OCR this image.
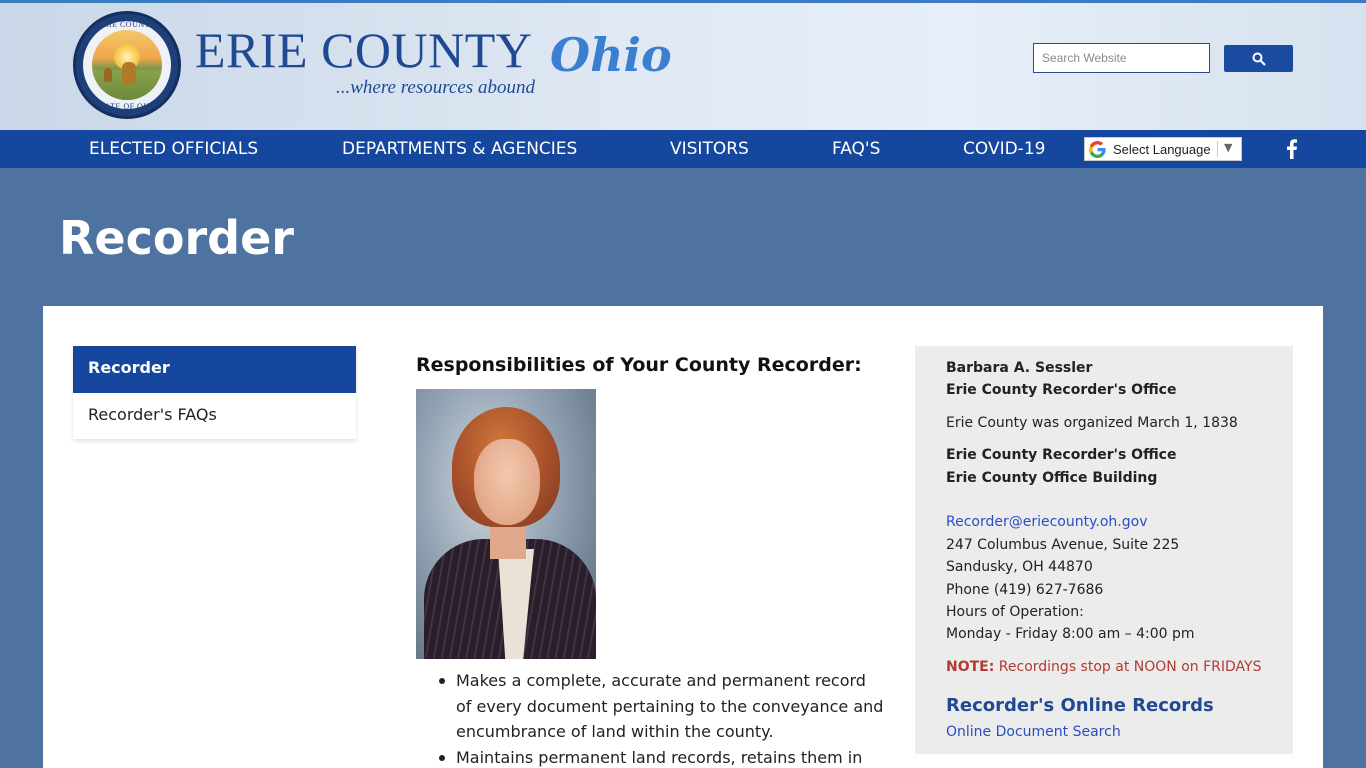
ERIE COUNTY
STATE OF OHIO
ERIE COUNTY Ohio
...where resources abound
Search Website
ELECTED OFFICIALS	DEPARTMENTS & AGENCIES	VISITORS	FAQ'S	COVID-19	Select Language ▼
Recorder
Recorder
Recorder's FAQs
Responsibilities of Your County Recorder:
Makes a complete, accurate and permanent record of every document pertaining to the conveyance and encumbrance of land within the county.
Maintains permanent land records, retains them in
Barbara A. Sessler
Erie County Recorder's Office
Erie County was organized March 1, 1838
Erie County Recorder's Office
Erie County Office Building
Recorder@eriecounty.oh.gov
247 Columbus Avenue, Suite 225
Sandusky, OH 44870
Phone (419) 627-7686
Hours of Operation:
Monday - Friday 8:00 am – 4:00 pm
NOTE: Recordings stop at NOON on FRIDAYS
Recorder's Online Records
Online Document Search
